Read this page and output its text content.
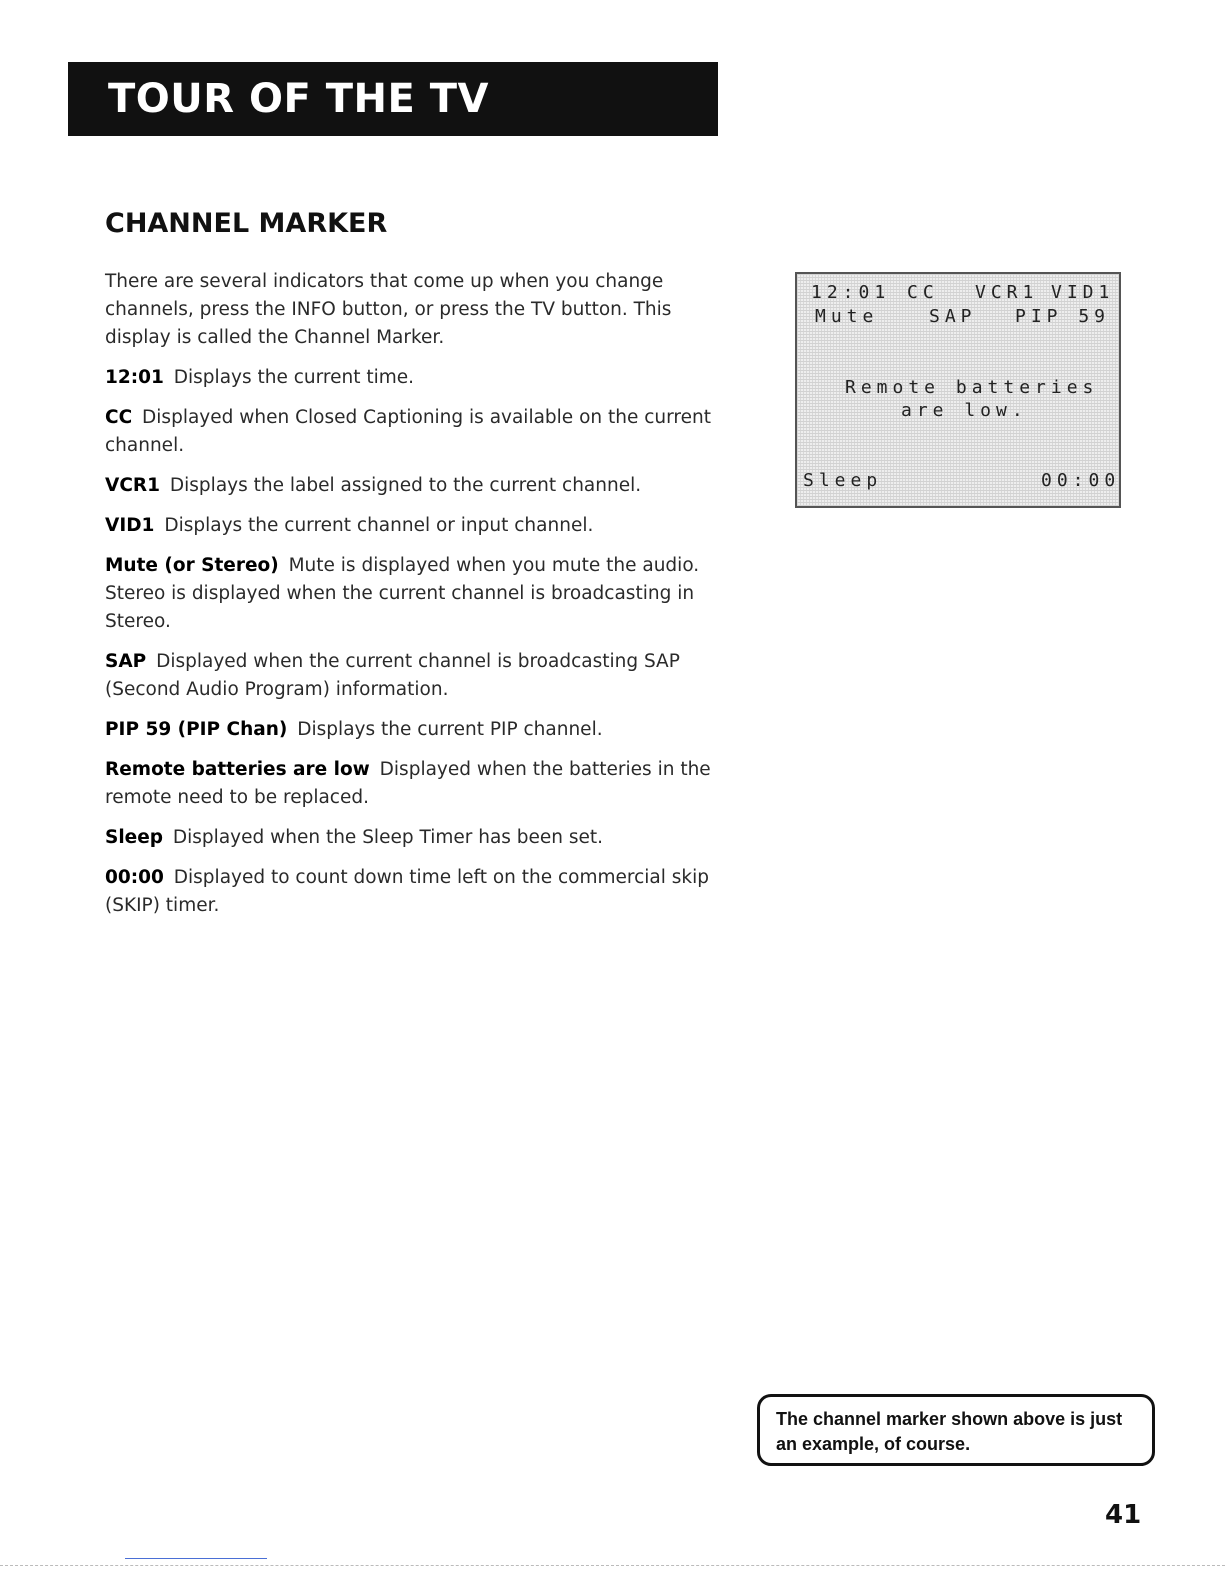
TOUR OF THE TV
CHANNEL MARKER

There are several indicators that come up when you change channels, press the INFO button, or press the TV button. This display is called the Channel Marker.

12:01 Displays the current time.

CC Displayed when Closed Captioning is available on the current channel.

VCR1 Displays the label assigned to the current channel.

VID1 Displays the current channel or input channel.

Mute (or Stereo) Mute is displayed when you mute the audio. Stereo is displayed when the current channel is broadcasting in Stereo.

SAP Displayed when the current channel is broadcasting SAP (Second Audio Program) information.

PIP 59 (PIP Chan) Displays the current PIP channel.

Remote batteries are low Displayed when the batteries in the remote need to be replaced.

Sleep Displayed when the Sleep Timer has been set.

00:00 Displayed to count down time left on the commercial skip (SKIP) timer.

12:01 CC VCR1 VID1
Mute	SAP PIP 59
Remote batteries
are low.
Sleep	00:00
The channel marker shown above is just an example, of course.
41
